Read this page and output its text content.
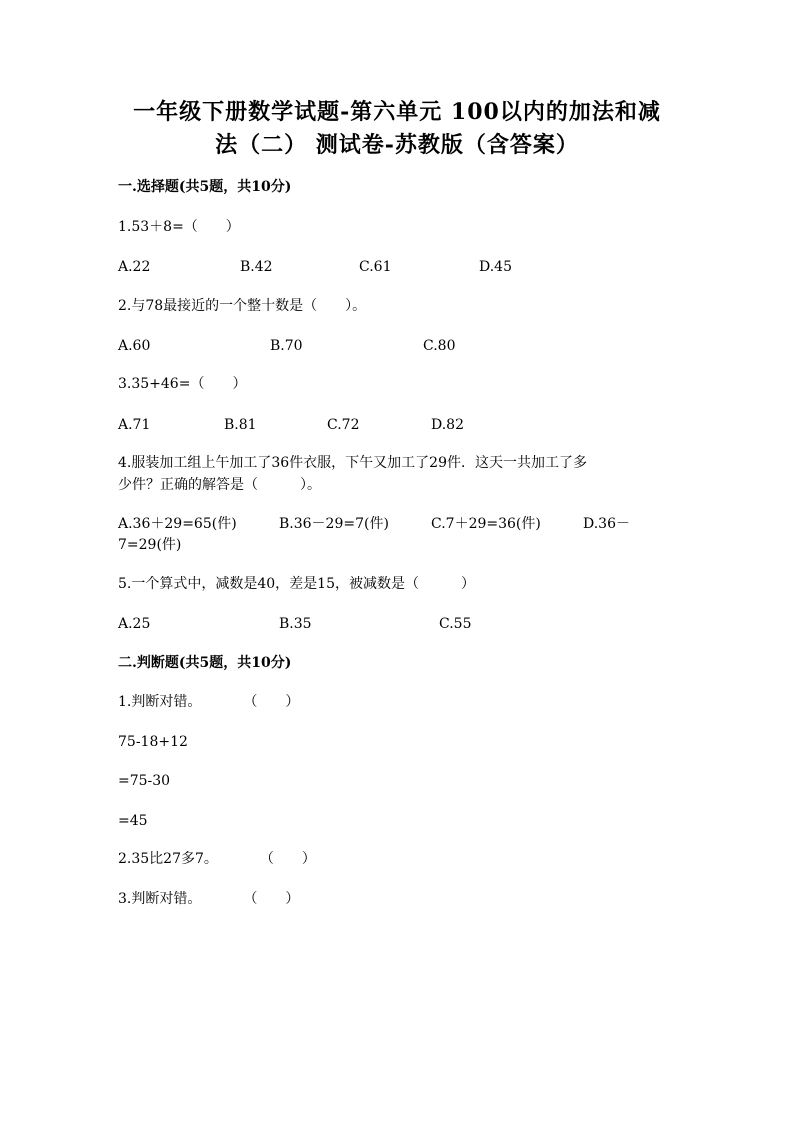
一年级下册数学试题-第六单元 100以内的加法和减
法（二） 测试卷-苏教版（含答案）
一.选择题(共5题，共10分)
1.53＋8=（　　）
A.22	B.42	C.61	D.45
2.与78最接近的一个整十数是（　　）。
A.60	B.70	C.80
3.35+46=（　　）
A.71	B.81	C.72	D.82
4.服装加工组上午加工了36件衣服，下午又加工了29件．这天一共加工了多
少件？正确的解答是（　　　）。
A.36＋29=65(件)	B.36－29=7(件)	C.7＋29=36(件)	D.36－
7=29(件)
5.一个算式中，减数是40，差是15，被减数是（　　　）
A.25	B.35	C.55
二.判断题(共5题，共10分)
1.判断对错。　　　　（　　）
75-18+12
=75-30
=45
2.35比27多7。　　　　（　　）
3.判断对错。　　　　（　　）
